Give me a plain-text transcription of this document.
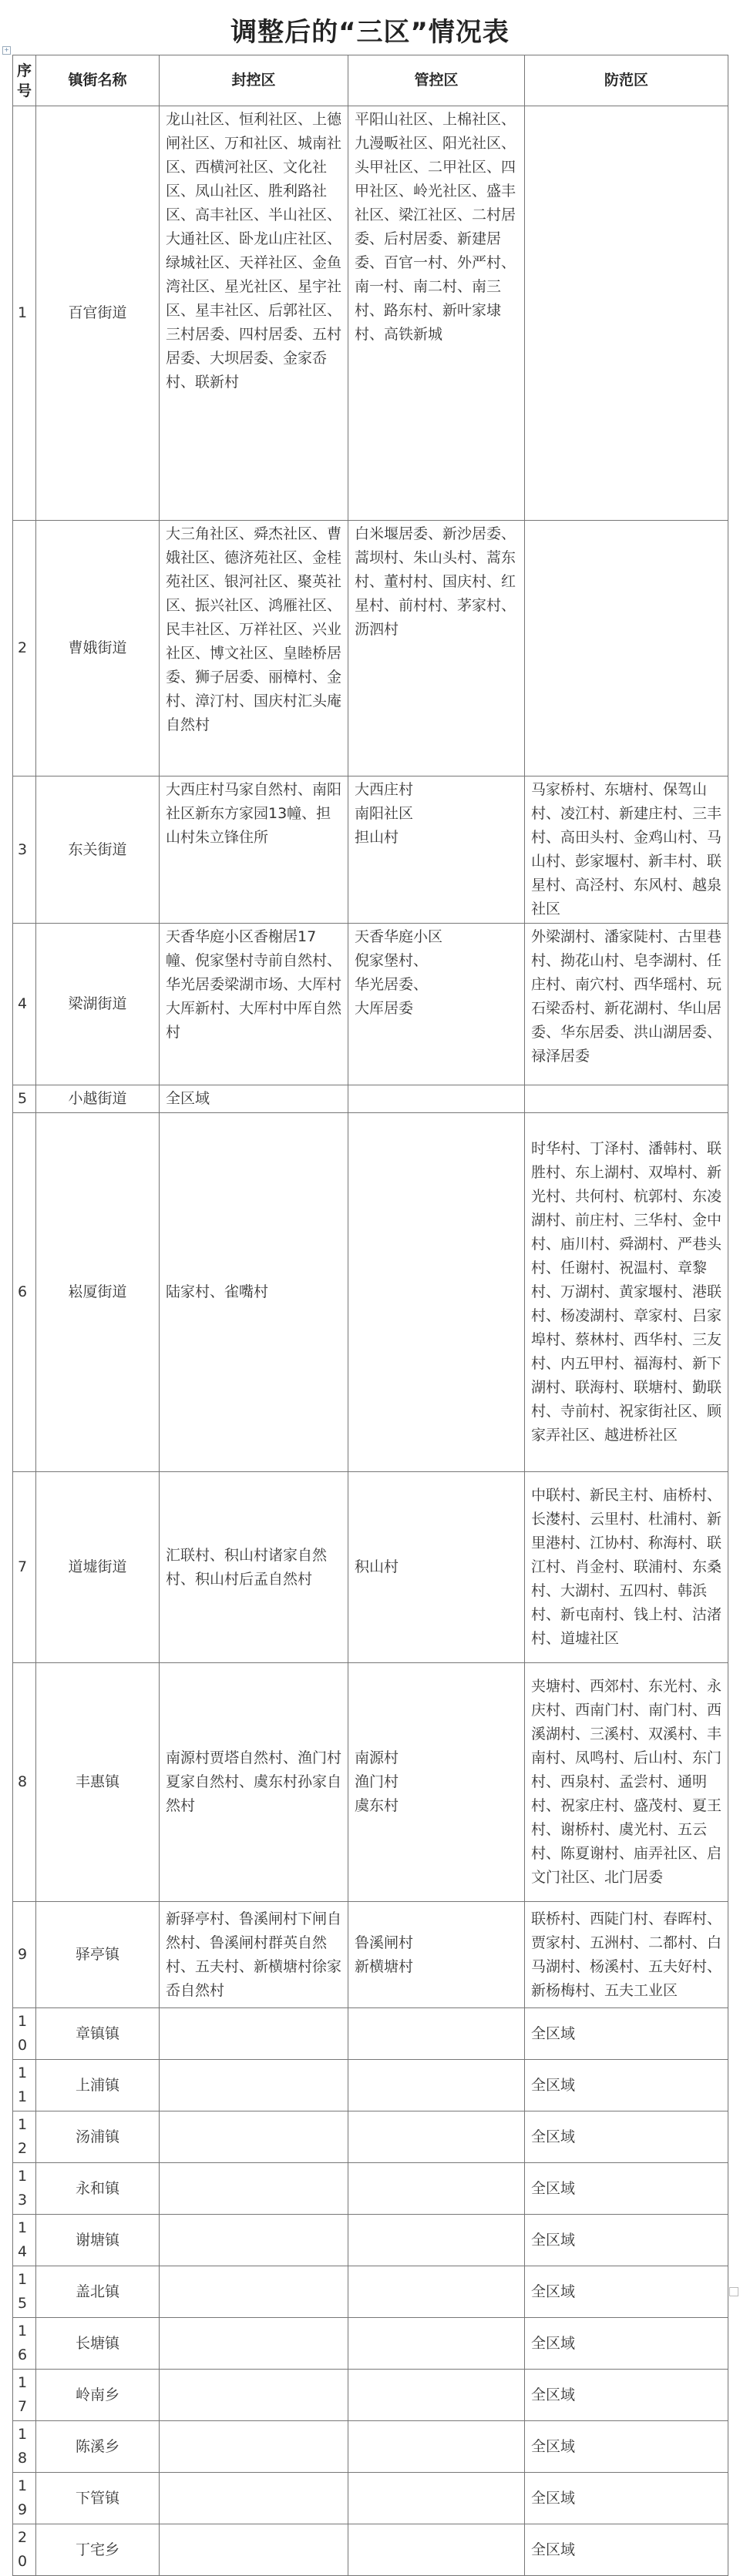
调整后的“三区”情况表
+
序号	镇街名称	封控区	管控区	防范区
1	百官街道	龙山社区、恒利社区、上德闸社区、万和社区、城南社区、西横河社区、文化社区、凤山社区、胜利路社区、高丰社区、半山社区、大通社区、卧龙山庄社区、绿城社区、天祥社区、金鱼湾社区、星光社区、星宇社区、星丰社区、后郭社区、三村居委、四村居委、五村居委、大坝居委、金家岙村、联新村	平阳山社区、上棉社区、九漫畈社区、阳光社区、头甲社区、二甲社区、四甲社区、岭光社区、盛丰社区、梁江社区、二村居委、后村居委、新建居委、百官一村、外严村、南一村、南二村、南三村、路东村、新叶家埭村、高铁新城	
2	曹娥街道	大三角社区、舜杰社区、曹娥社区、德济苑社区、金桂苑社区、银河社区、聚英社区、振兴社区、鸿雁社区、民丰社区、万祥社区、兴业社区、博文社区、皇睦桥居委、狮子居委、丽樟村、金村、漳汀村、国庆村汇头庵自然村	白米堰居委、新沙居委、蒿坝村、朱山头村、蒿东村、董村村、国庆村、红星村、前村村、茅家村、沥泗村	
3	东关街道	大西庄村马家自然村、南阳社区新东方家园13幢、担山村朱立锋住所	大西庄村
南阳社区
担山村	马家桥村、东塘村、保驾山村、凌江村、新建庄村、三丰村、高田头村、金鸡山村、马山村、彭家堰村、新丰村、联星村、高泾村、东风村、越泉社区
4	梁湖街道	天香华庭小区香榭居17幢、倪家堡村寺前自然村、华光居委梁湖市场、大厍村大厍新村、大厍村中厍自然村	天香华庭小区
倪家堡村、
华光居委、
大厍居委	外梁湖村、潘家陡村、古里巷村、拗花山村、皂李湖村、任庄村、南穴村、西华瑶村、玩石梁岙村、新花湖村、华山居委、华东居委、洪山湖居委、禄泽居委
5	小越街道	全区域		
6	崧厦街道	陆家村、雀嘴村		时华村、丁泽村、潘韩村、联胜村、东上湖村、双埠村、新光村、共何村、杭郭村、东凌湖村、前庄村、三华村、金中村、庙川村、舜湖村、严巷头村、任谢村、祝温村、章黎村、万湖村、黄家堰村、港联村、杨凌湖村、章家村、吕家埠村、蔡林村、西华村、三友村、内五甲村、福海村、新下湖村、联海村、联塘村、勤联村、寺前村、祝家街社区、顾家弄社区、越进桥社区
7	道墟街道	汇联村、积山村诸家自然村、积山村后孟自然村	积山村	中联村、新民主村、庙桥村、长漤村、云里村、杜浦村、新里港村、江协村、称海村、联江村、肖金村、联浦村、东桑村、大湖村、五四村、韩浜村、新屯南村、钱上村、沽渚村、道墟社区
8	丰惠镇	南源村贾塔自然村、渔门村夏家自然村、虞东村孙家自然村	南源村
渔门村
虞东村	夹塘村、西郊村、东光村、永庆村、西南门村、南门村、西溪湖村、三溪村、双溪村、丰南村、凤鸣村、后山村、东门村、西泉村、孟尝村、通明村、祝家庄村、盛茂村、夏王村、谢桥村、虞光村、五云村、陈夏谢村、庙弄社区、启文门社区、北门居委
9	驿亭镇	新驿亭村、鲁溪闸村下闸自然村、鲁溪闸村群英自然村、五夫村、新横塘村徐家岙自然村	鲁溪闸村
新横塘村	联桥村、西陡门村、春晖村、贾家村、五洲村、二都村、白马湖村、杨溪村、五夫好村、新杨梅村、五夫工业区
10	章镇镇			全区域
11	上浦镇			全区域
12	汤浦镇			全区域
13	永和镇			全区域
14	谢塘镇			全区域
15	盖北镇			全区域
16	长塘镇			全区域
17	岭南乡			全区域
18	陈溪乡			全区域
19	下管镇			全区域
20	丁宅乡			全区域
